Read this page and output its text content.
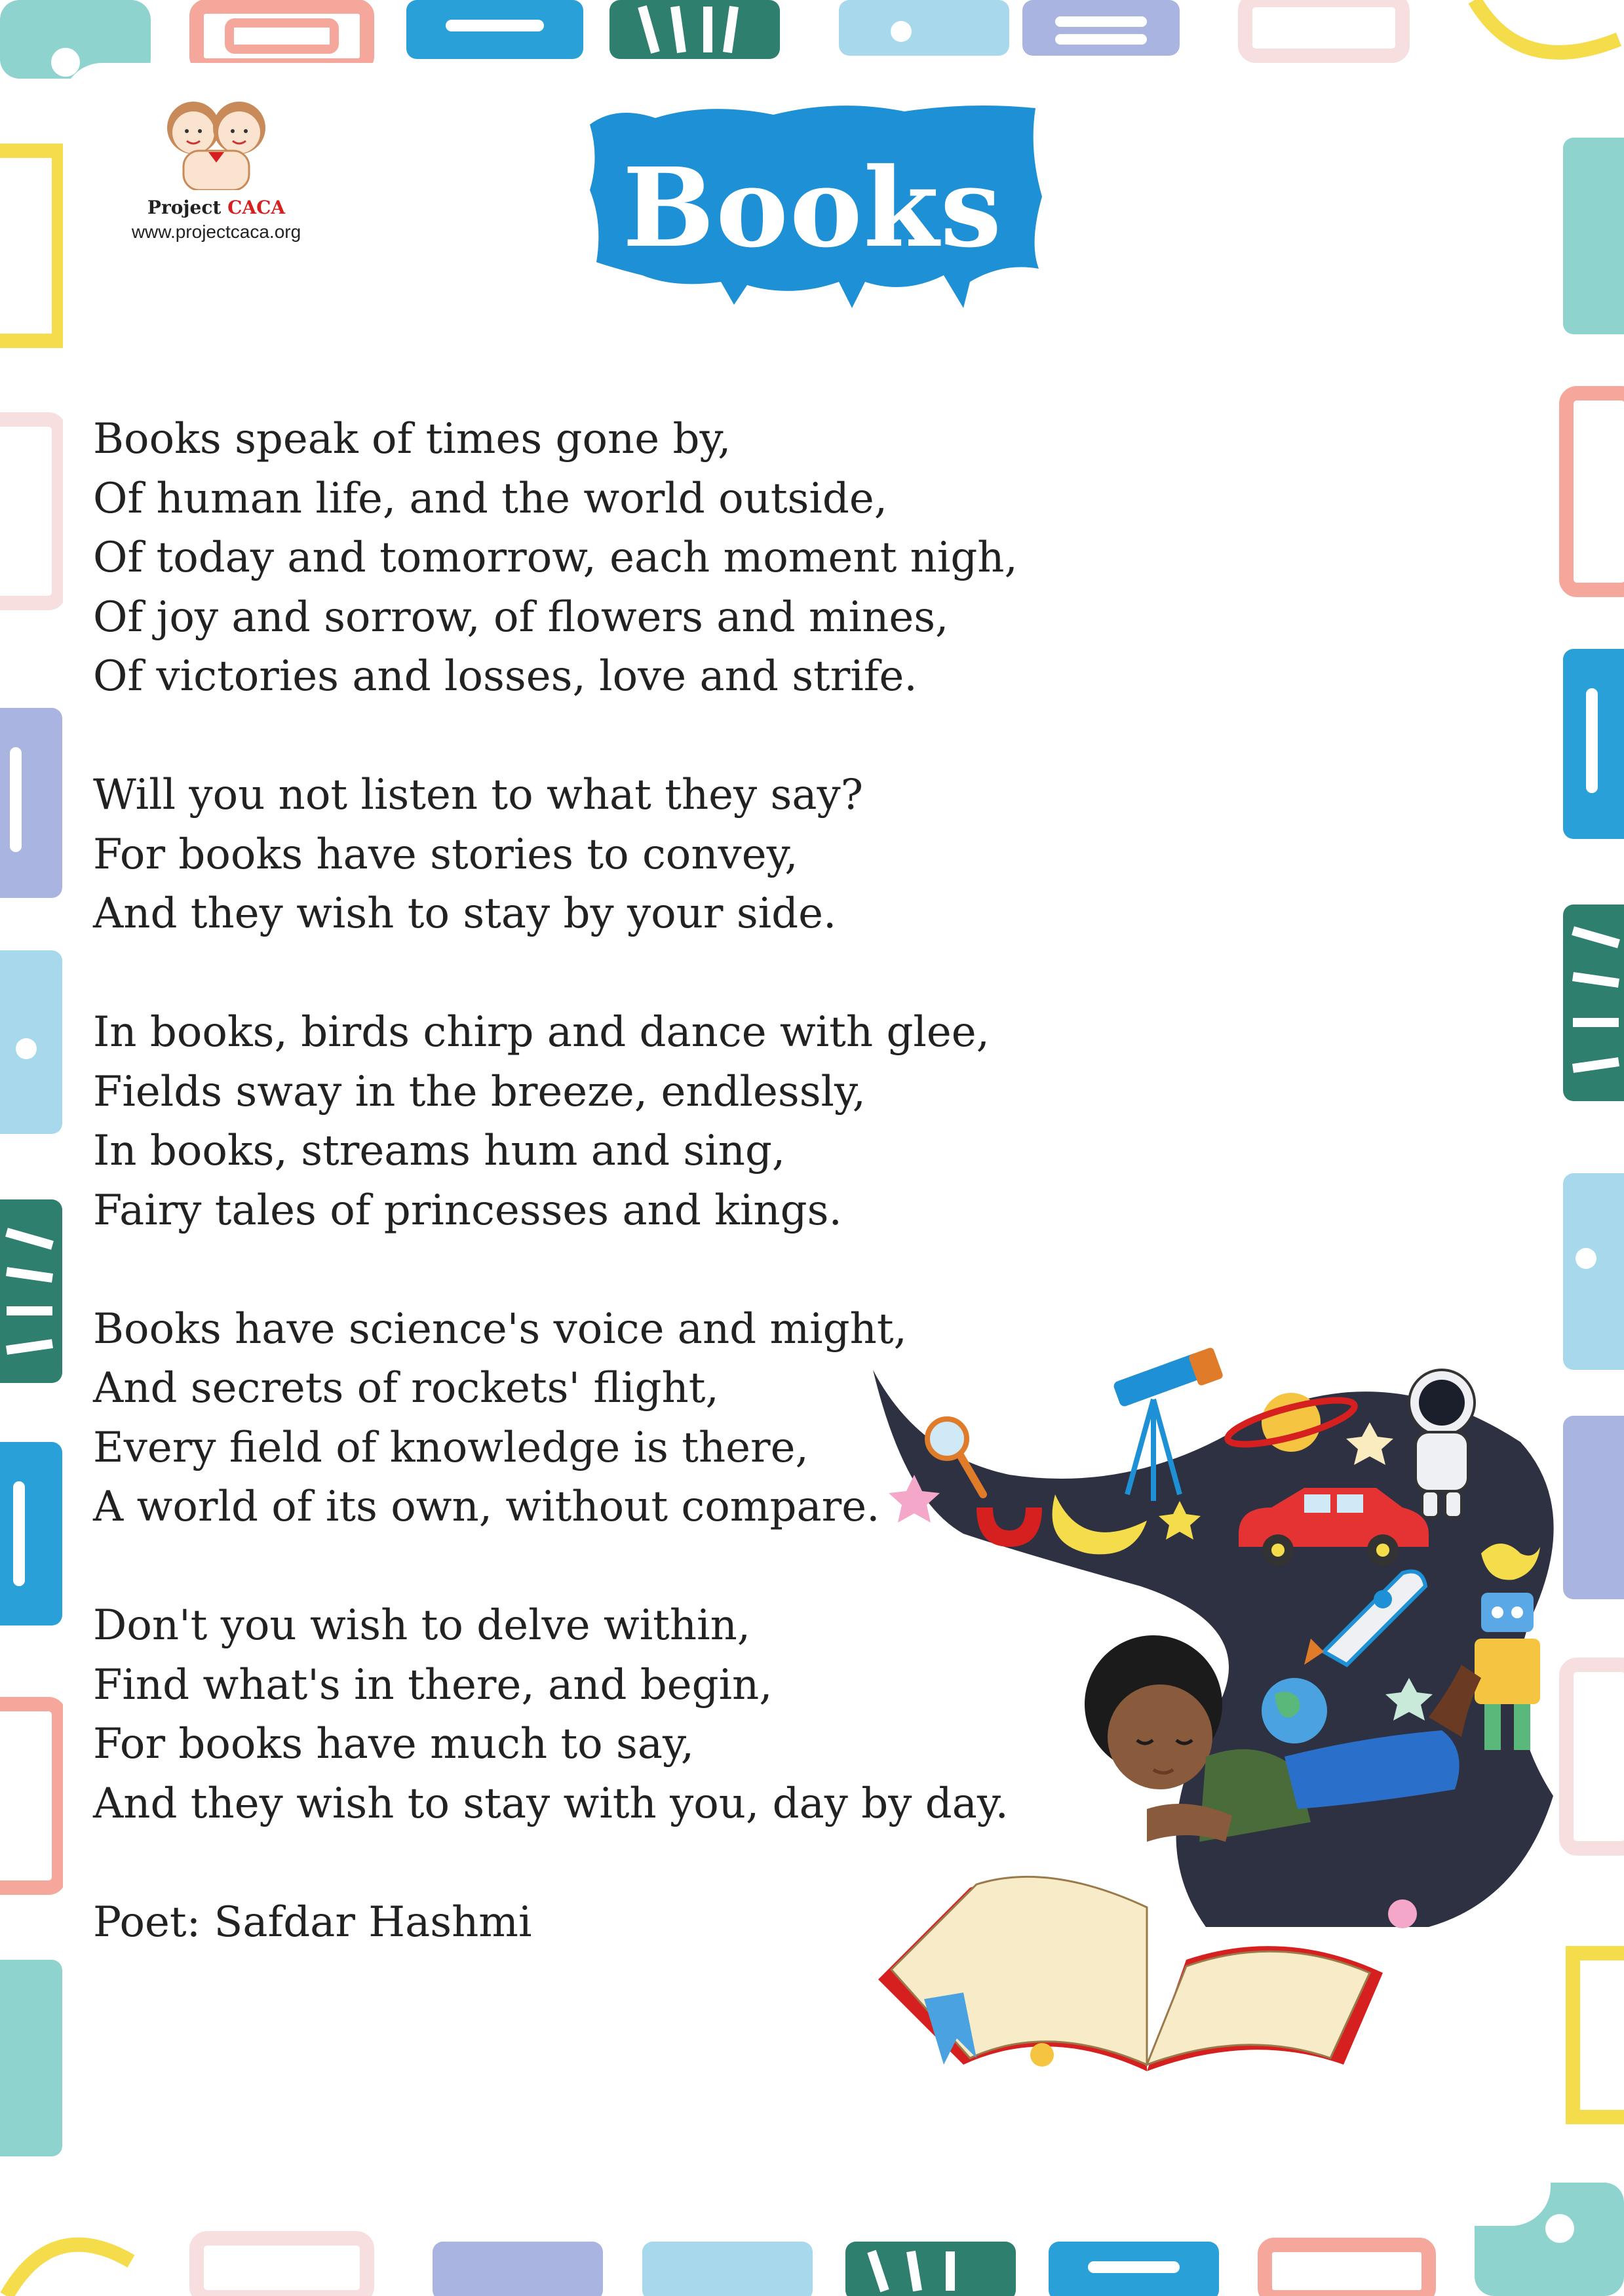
Project CACA
www.projectcaca.org	Books
Books speak of times gone by,
Of human life, and the world outside,
Of today and tomorrow, each moment nigh,
Of joy and sorrow, of flowers and mines,
Of victories and losses, love and strife.
Will you not listen to what they say?
For books have stories to convey,
And they wish to stay by your side.
In books, birds chirp and dance with glee,
Fields sway in the breeze, endlessly,
In books, streams hum and sing,
Fairy tales of princesses and kings.
Books have science's voice and might,
And secrets of rockets' flight,
Every field of knowledge is there,
A world of its own, without compare.
Don't you wish to delve within,
Find what's in there, and begin,
For books have much to say,
And they wish to stay with you, day by day.
Poet: Safdar Hashmi
